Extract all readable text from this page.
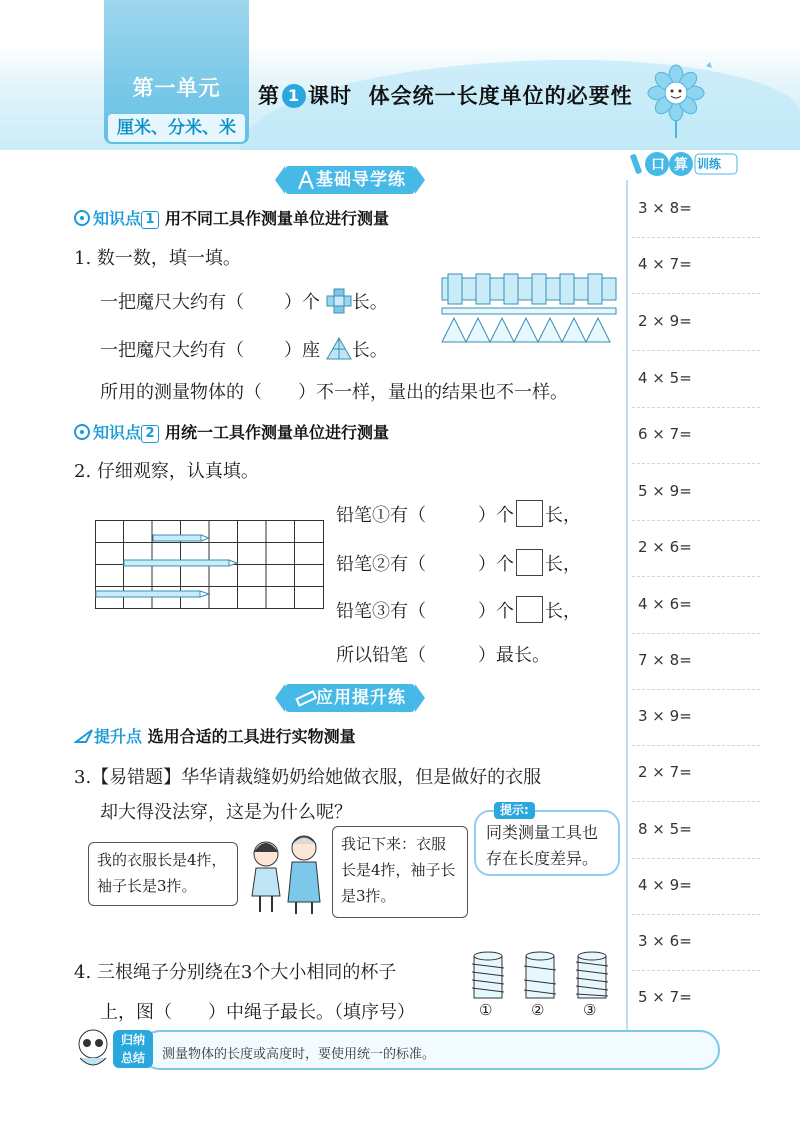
第一单元
厘米、分米、米
第 1 课时 体会统一长度单位的必要性
口 算 训练
3 × 8=
4 × 7=
2 × 9=
4 × 5=
6 × 7=
5 × 9=
2 × 6=
4 × 6=
7 × 8=
3 × 9=
2 × 7=
8 × 5=
4 × 9=
3 × 6=
5 × 7=
基础导学练
知识点 1 用不同工具作测量单位进行测量
1. 数一数，填一填。
一把魔尺大约有（ ）个 长。
一把魔尺大约有（ ）座 长。
所用的测量物体的（　　）不一样，量出的结果也不一样。
知识点 2 用统一工具作测量单位进行测量
2. 仔细观察，认真填。
铅笔①有（	）个 长，
铅笔②有（	）个 长，
铅笔③有（	）个 长，
所以铅笔（	）最长。
应用提升练
提升点 选用合适的工具进行实物测量
3.【易错题】华华请裁缝奶奶给她做衣服，但是做好的衣服
却大得没法穿，这是为什么呢？
我的衣服长是4拃，
袖子长是3拃。
我记下来：衣服
长是4拃，袖子长
是3拃。
提示:
同类测量工具也
存在长度差异。
4. 三根绳子分别绕在3个大小相同的杯子
上，图（　　）中绳子最长。（填序号）	①	②	③
归纳
总结	测量物体的长度或高度时，要使用统一的标准。
